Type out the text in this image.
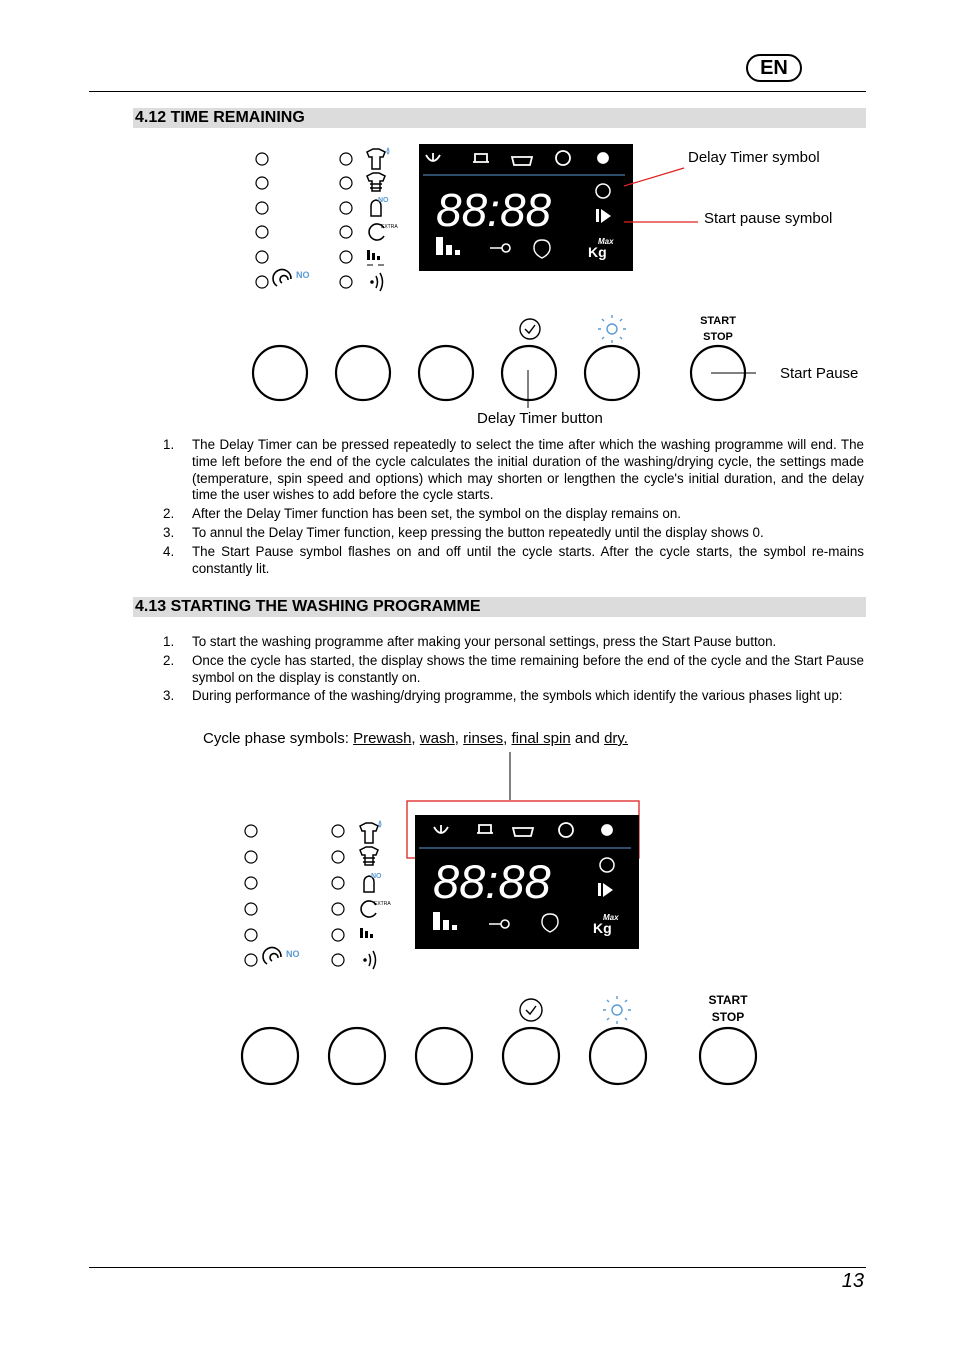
EN
4.12 TIME REMAINING
NO
NO
EXTRA 88:88
Kg
Max
START
STOP
Delay Timer symbol
Start pause symbol
Start Pause
Delay Timer button
1.	The Delay Timer can be pressed repeatedly to select the time after which the washing programme will end. The time left before the end of the cycle calculates the initial duration of the washing/drying cycle, the settings made (temperature, spin speed and options) which may shorten or lengthen the cycle's initial duration, and the delay time the user wishes to add before the cycle starts.
2.	After the Delay Timer function has been set, the symbol on the display remains on.
3.	To annul the Delay Timer function, keep pressing the button repeatedly until the display shows 0.
4.	The Start Pause symbol flashes on and off until the cycle starts. After the cycle starts, the symbol re-mains constantly lit.
4.13 STARTING THE WASHING PROGRAMME
1.	To start the washing programme after making your personal settings, press the Start Pause button.
2.	Once the cycle has started, the display shows the time remaining before the end of the cycle and the Start Pause symbol on the display is constantly on.
3.	During performance of the washing/drying programme, the symbols which identify the various phases light up:
Cycle phase symbols: Prewash, wash, rinses, final spin and dry.
NO
NO
EXTRA 88:88
Kg
Max
START
STOP
13
